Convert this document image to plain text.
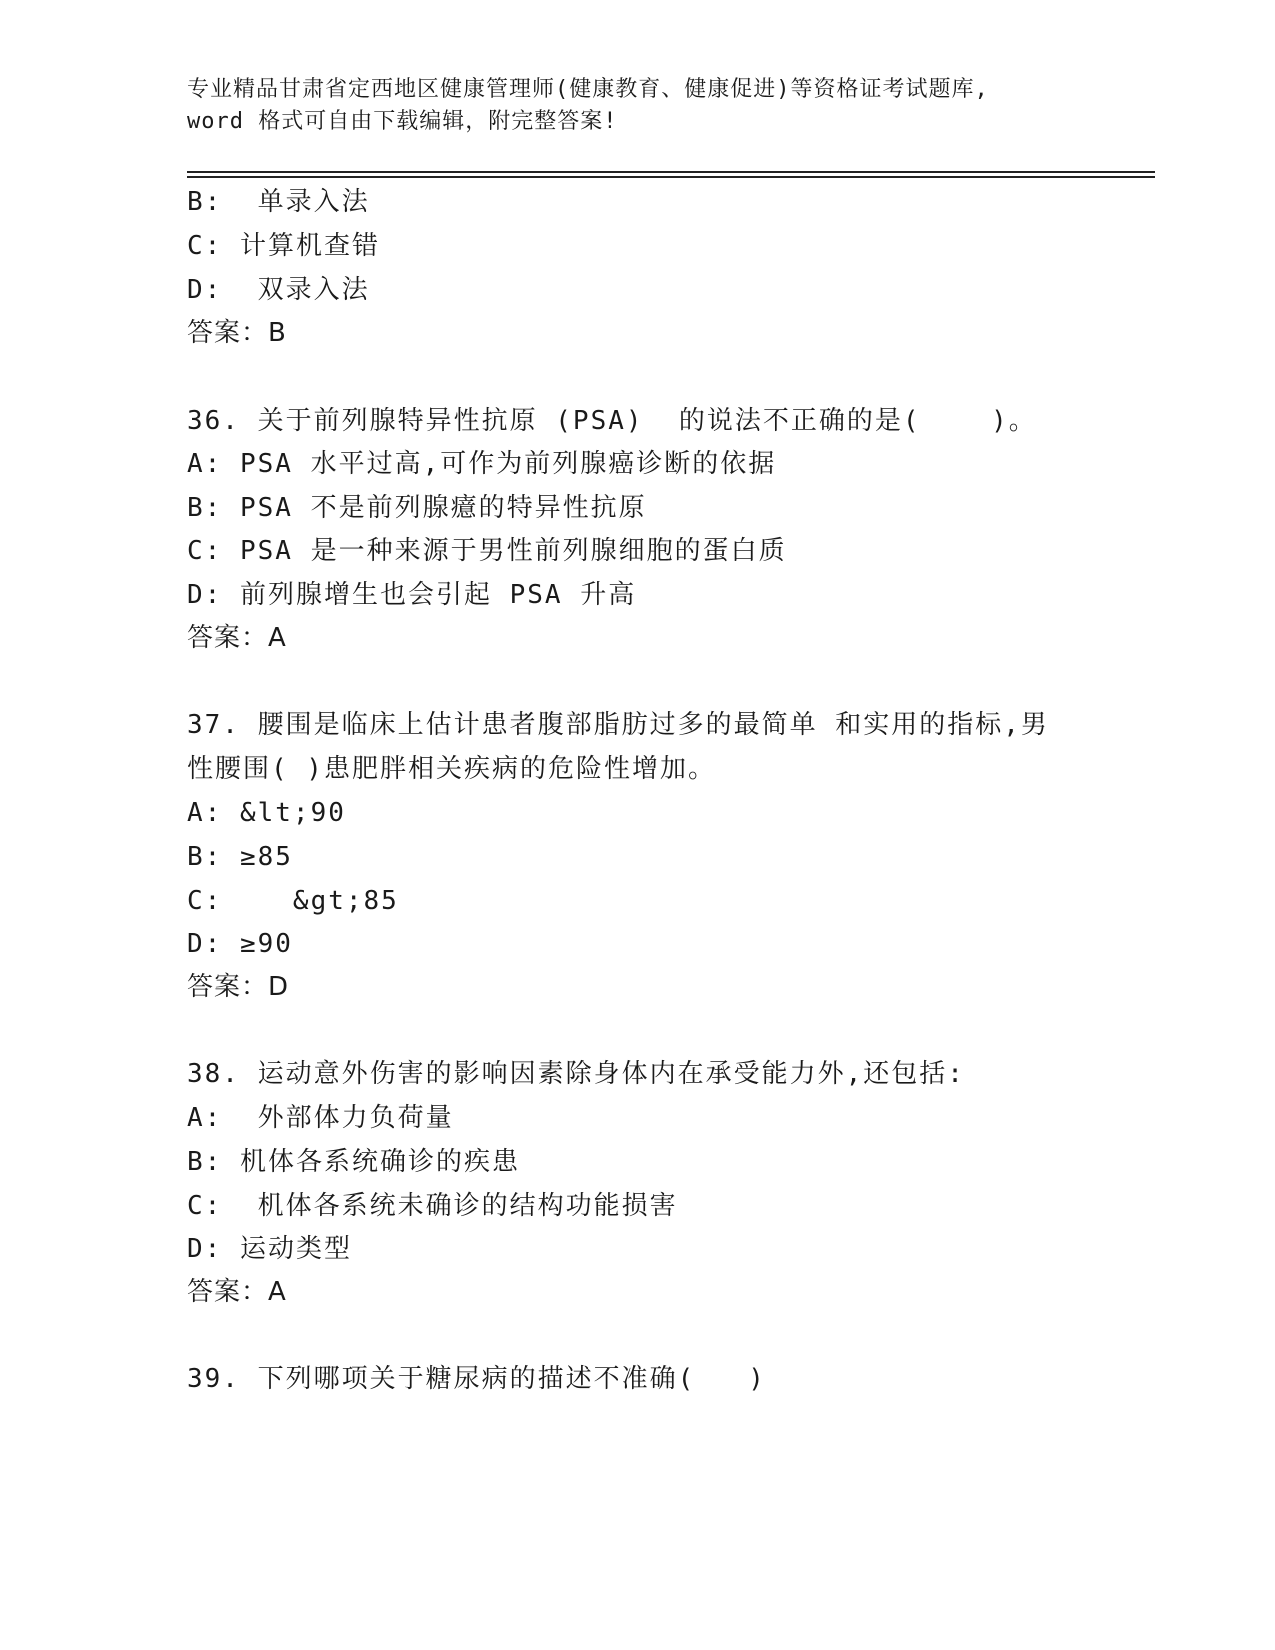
专业精品甘肃省定西地区健康管理师(健康教育、健康促进)等资格证考试题库,
word 格式可自由下载编辑，附完整答案!
B:  单录入法
C: 计算机查错
D:  双录入法
答案：B
36. 关于前列腺特异性抗原 (PSA)  的说法不正确的是(    )。
A: PSA 水平过高,可作为前列腺癌诊断的依据
B: PSA 不是前列腺癔的特异性抗原
C: PSA 是一种来源于男性前列腺细胞的蛋白质
D: 前列腺增生也会引起 PSA 升高
答案：A
37. 腰围是临床上估计患者腹部脂肪过多的最简单 和实用的指标,男
性腰围( )患肥胖相关疾病的危险性增加。
A: &lt;90
B: ≥85
C:    &gt;85
D: ≥90
答案：D
38. 运动意外伤害的影响因素除身体内在承受能力外,还包括:
A:  外部体力负荷量
B: 机体各系统确诊的疾患
C:  机体各系统未确诊的结构功能损害
D: 运动类型
答案：A
39. 下列哪项关于糖尿病的描述不准确(   )
